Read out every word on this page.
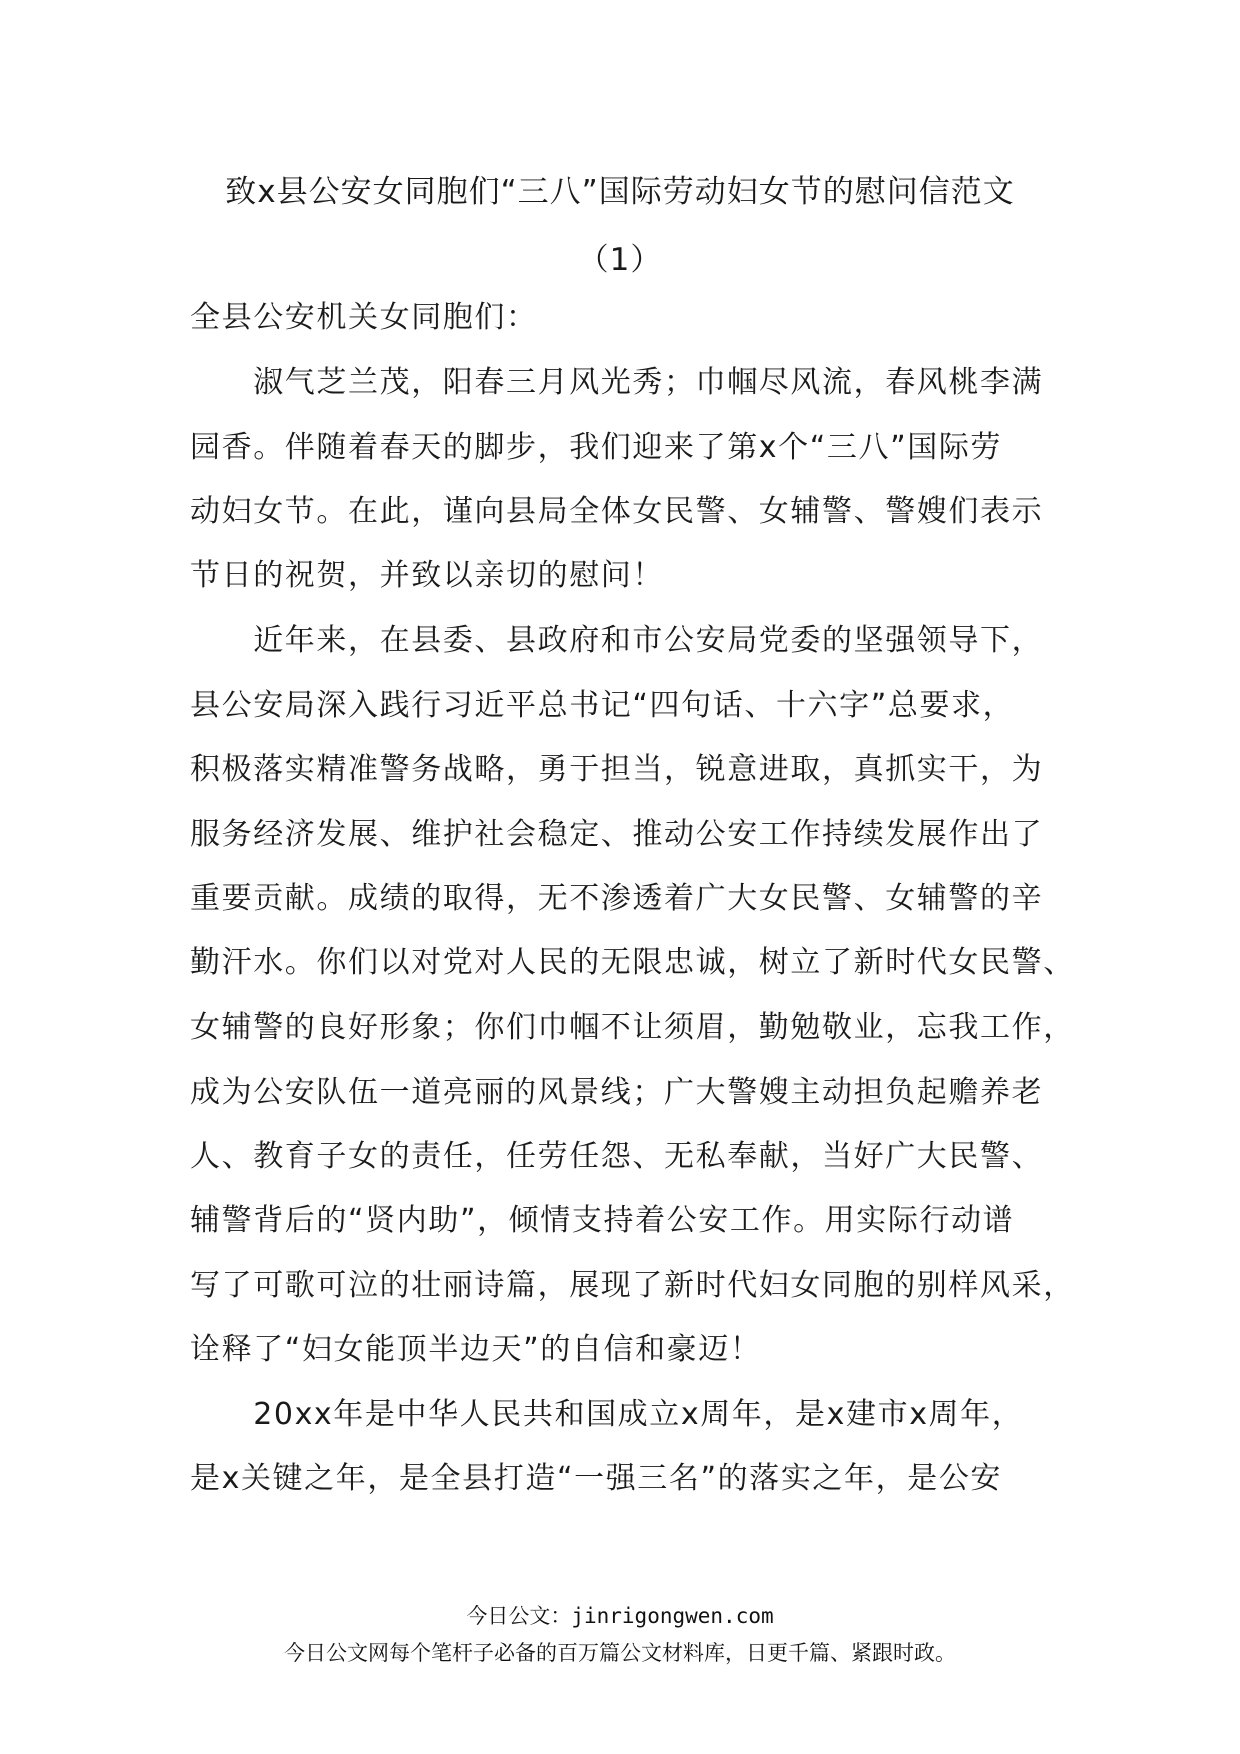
致x县公安女同胞们“三八”国际劳动妇女节的慰问信范文
（1）

全县公安机关女同胞们：

　　淑气芝兰茂，阳春三月风光秀；巾帼尽风流，春风桃李满

园香。伴随着春天的脚步，我们迎来了第x个“三八”国际劳

动妇女节。在此，谨向县局全体女民警、女辅警、警嫂们表示

节日的祝贺，并致以亲切的慰问！

　　近年来，在县委、县政府和市公安局党委的坚强领导下，

县公安局深入践行习近平总书记“四句话、十六字”总要求，

积极落实精准警务战略，勇于担当，锐意进取，真抓实干，为

服务经济发展、维护社会稳定、推动公安工作持续发展作出了

重要贡献。成绩的取得，无不渗透着广大女民警、女辅警的辛

勤汗水。你们以对党对人民的无限忠诚，树立了新时代女民警、

女辅警的良好形象；你们巾帼不让须眉，勤勉敬业，忘我工作，

成为公安队伍一道亮丽的风景线；广大警嫂主动担负起赡养老

人、教育子女的责任，任劳任怨、无私奉献，当好广大民警、

辅警背后的“贤内助”，倾情支持着公安工作。用实际行动谱

写了可歌可泣的壮丽诗篇，展现了新时代妇女同胞的别样风采，

诠释了“妇女能顶半边天”的自信和豪迈！

　　20xx年是中华人民共和国成立x周年，是x建市x周年，

是x关键之年，是全县打造“一强三名”的落实之年，是公安

今日公文：jinrigongwen.com

今日公文网每个笔杆子必备的百万篇公文材料库，日更千篇、紧跟时政。
